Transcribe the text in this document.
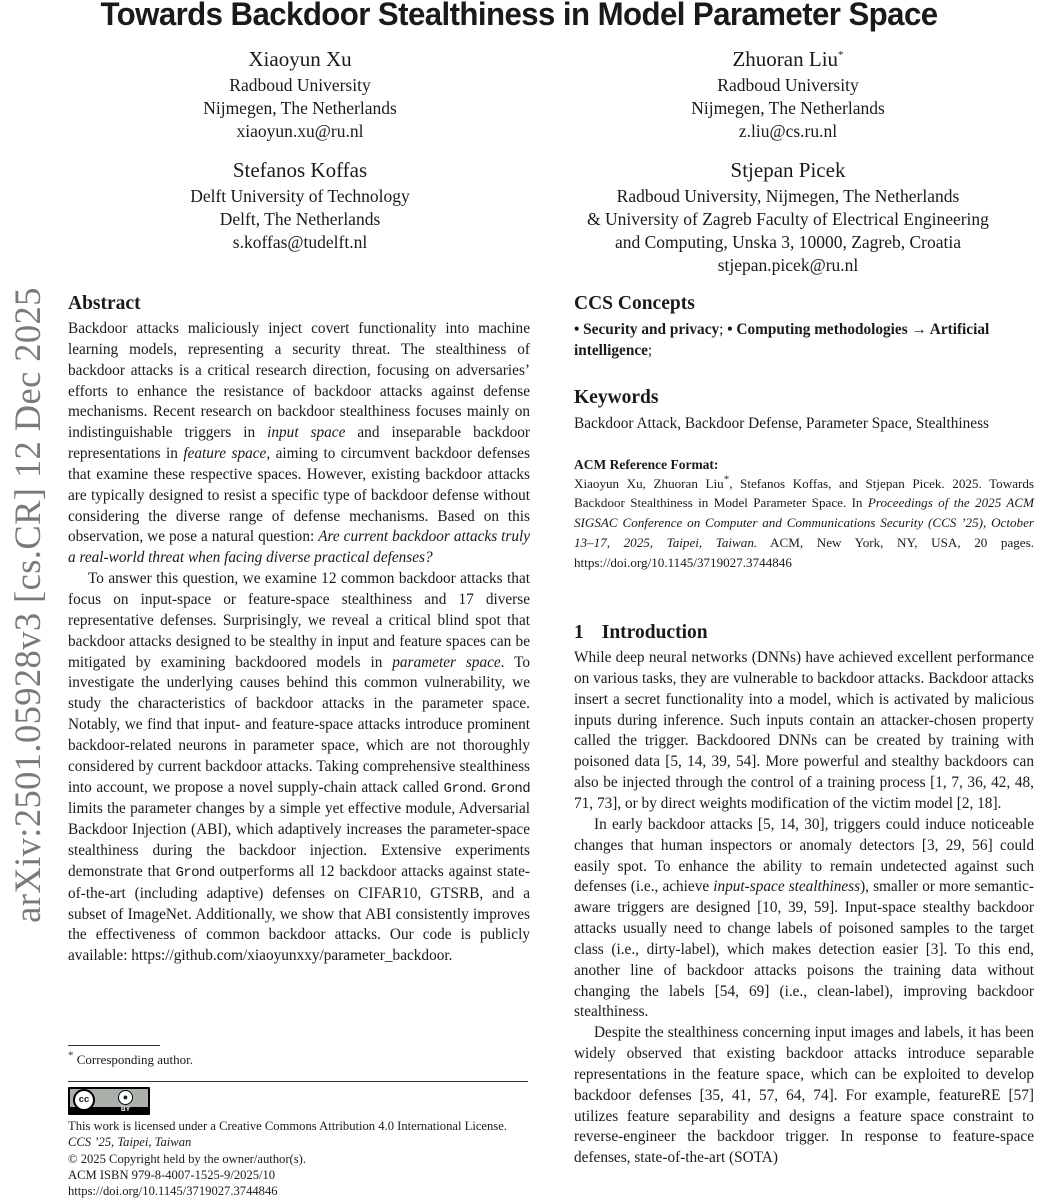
Towards Backdoor Stealthiness in Model Parameter Space
Xiaoyun Xu
Radboud University
Nijmegen, The Netherlands
xiaoyun.xu@ru.nl
Zhuoran Liu*
Radboud University
Nijmegen, The Netherlands
z.liu@cs.ru.nl
Stefanos Koffas
Delft University of Technology
Delft, The Netherlands
s.koffas@tudelft.nl
Stjepan Picek
Radboud University, Nijmegen, The Netherlands
& University of Zagreb Faculty of Electrical Engineering
and Computing, Unska 3, 10000, Zagreb, Croatia
stjepan.picek@ru.nl
arXiv:2501.05928v3 [cs.CR] 12 Dec 2025 Abstract

Backdoor attacks maliciously inject covert functionality into machine learning models, representing a security threat. The stealthiness of backdoor attacks is a critical research direction, focusing on adversaries’ efforts to enhance the resistance of backdoor attacks against defense mechanisms. Recent research on backdoor stealthiness focuses mainly on indistinguishable triggers in input space and inseparable backdoor representations in feature space, aiming to circumvent backdoor defenses that examine these respective spaces. However, existing backdoor attacks are typically designed to resist a specific type of backdoor defense without considering the diverse range of defense mechanisms. Based on this observation, we pose a natural question: Are current backdoor attacks truly a real-world threat when facing diverse practical defenses?

To answer this question, we examine 12 common backdoor attacks that focus on input-space or feature-space stealthiness and 17 diverse representative defenses. Surprisingly, we reveal a critical blind spot that backdoor attacks designed to be stealthy in input and feature spaces can be mitigated by examining backdoored models in parameter space. To investigate the underlying causes behind this common vulnerability, we study the characteristics of backdoor attacks in the parameter space. Notably, we find that input- and feature-space attacks introduce prominent backdoor-related neurons in parameter space, which are not thoroughly considered by current backdoor attacks. Taking comprehensive stealthiness into account, we propose a novel supply-chain attack called Grond. Grond limits the parameter changes by a simple yet effective module, Adversarial Backdoor Injection (ABI), which adaptively increases the parameter-space stealthiness during the backdoor injection. Extensive experiments demonstrate that Grond outperforms all 12 backdoor attacks against state-of-the-art (including adaptive) defenses on CIFAR10, GTSRB, and a subset of ImageNet. Additionally, we show that ABI consistently improves the effectiveness of common backdoor attacks. Our code is publicly available: https://github.com/xiaoyunxxy/parameter_backdoor.

* Corresponding author.
cc	●
BY
This work is licensed under a Creative Commons Attribution 4.0 International License.
CCS ’25, Taipei, Taiwan
© 2025 Copyright held by the owner/author(s).
ACM ISBN 979-8-4007-1525-9/2025/10
https://doi.org/10.1145/3719027.3744846
CCS Concepts

• Security and privacy; • Computing methodologies → Artificial intelligence;

Keywords

Backdoor Attack, Backdoor Defense, Parameter Space, Stealthiness

ACM Reference Format:

Xiaoyun Xu, Zhuoran Liu*, Stefanos Koffas, and Stjepan Picek. 2025. Towards Backdoor Stealthiness in Model Parameter Space. In Proceedings of the 2025 ACM SIGSAC Conference on Computer and Communications Security (CCS ’25), October 13–17, 2025, Taipei, Taiwan. ACM, New York, NY, USA, 20 pages. https://doi.org/10.1145/3719027.3744846

1 Introduction

While deep neural networks (DNNs) have achieved excellent performance on various tasks, they are vulnerable to backdoor attacks. Backdoor attacks insert a secret functionality into a model, which is activated by malicious inputs during inference. Such inputs contain an attacker-chosen property called the trigger. Backdoored DNNs can be created by training with poisoned data [5, 14, 39, 54]. More powerful and stealthy backdoors can also be injected through the control of a training process [1, 7, 36, 42, 48, 71, 73], or by direct weights modification of the victim model [2, 18].

In early backdoor attacks [5, 14, 30], triggers could induce noticeable changes that human inspectors or anomaly detectors [3, 29, 56] could easily spot. To enhance the ability to remain undetected against such defenses (i.e., achieve input-space stealthiness), smaller or more semantic-aware triggers are designed [10, 39, 59]. Input-space stealthy backdoor attacks usually need to change labels of poisoned samples to the target class (i.e., dirty-label), which makes detection easier [3]. To this end, another line of backdoor attacks poisons the training data without changing the labels [54, 69] (i.e., clean-label), improving backdoor stealthiness.

Despite the stealthiness concerning input images and labels, it has been widely observed that existing backdoor attacks introduce separable representations in the feature space, which can be exploited to develop backdoor defenses [35, 41, 57, 64, 74]. For example, featureRE [57] utilizes feature separability and designs a feature space constraint to reverse-engineer the backdoor trigger. In response to feature-space defenses, state-of-the-art (SOTA)
